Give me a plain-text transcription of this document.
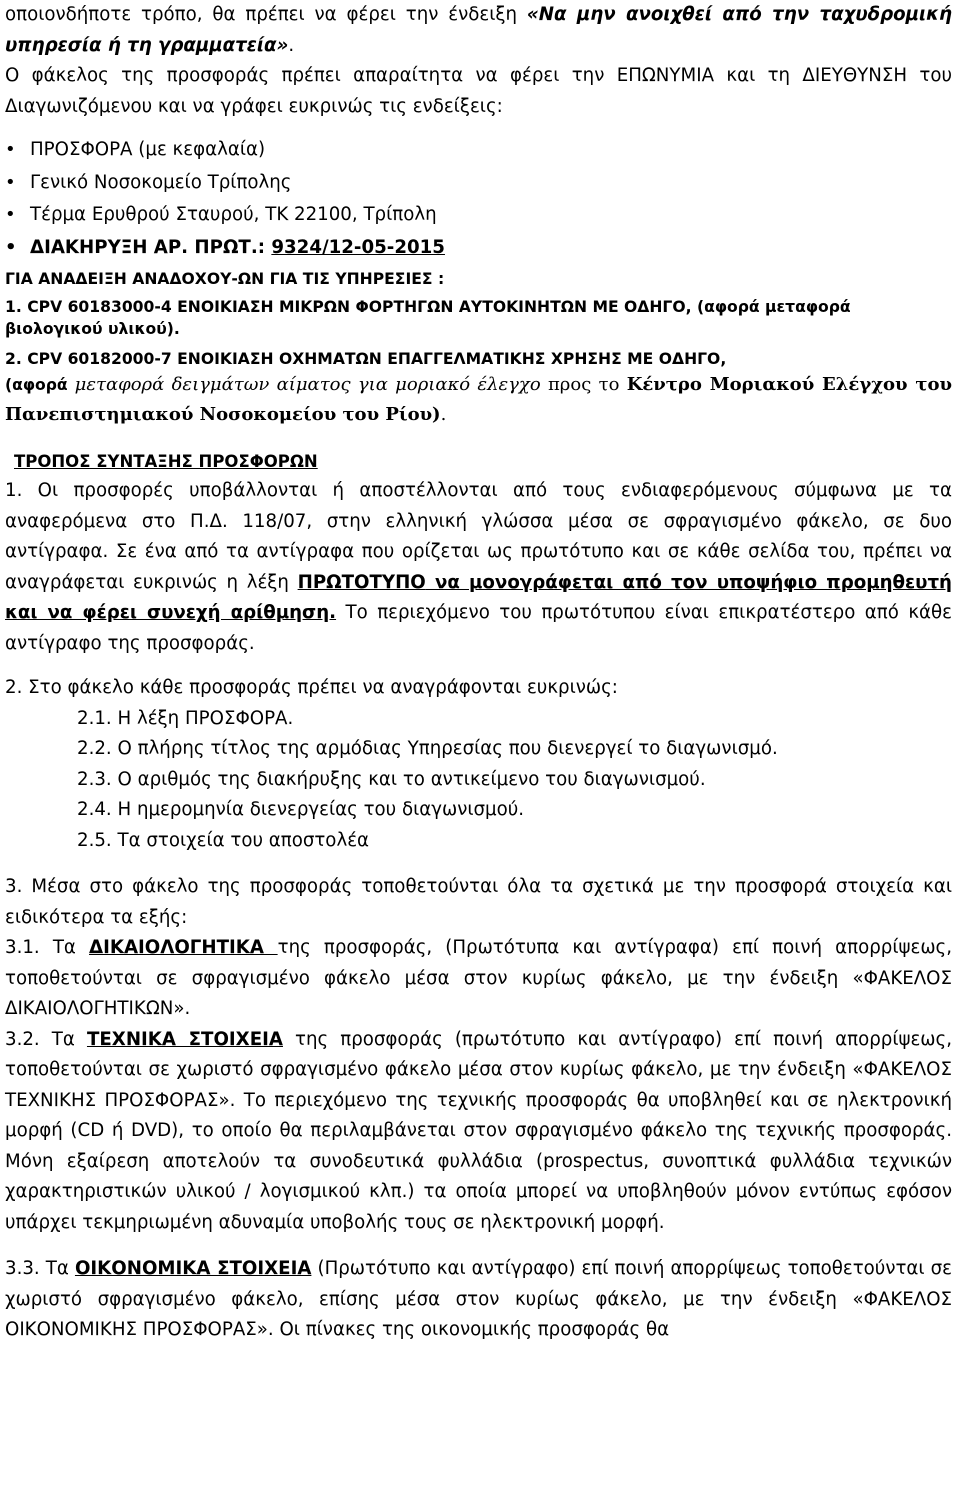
οποιονδήποτε τρόπο, θα πρέπει να φέρει την ένδειξη «Να μην ανοιχθεί από την ταχυδρομική υπηρεσία ή τη γραμματεία».

Ο φάκελος της προσφοράς πρέπει απαραίτητα να φέρει την ΕΠΩΝΥΜΙΑ και τη ΔΙΕΥΘΥΝΣΗ του Διαγωνιζόμενου και να γράφει ευκρινώς τις ενδείξεις:

• ΠΡΟΣΦΟΡΑ (με κεφαλαία)
• Γενικό Νοσοκομείο Τρίπολης
• Τέρμα Ερυθρού Σταυρού, ΤΚ 22100, Τρίπολη
• ΔΙΑΚΗΡΥΞΗ ΑΡ. ΠΡΩΤ.: 9324/12-05-2015

ΓΙΑ ΑΝΑΔΕΙΞΗ ΑΝΑΔΟΧΟΥ-ΩΝ ΓΙΑ ΤΙΣ ΥΠΗΡΕΣΙΕΣ :

1. CPV 60183000-4 ΕΝΟΙΚΙΑΣΗ ΜΙΚΡΩΝ ΦΟΡΤΗΓΩΝ ΑΥΤΟΚΙΝΗΤΩΝ ΜΕ ΟΔΗΓΟ, (αφορά μεταφορά βιολογικού υλικού).

2. CPV 60182000-7 ΕΝΟΙΚΙΑΣΗ ΟΧΗΜΑΤΩΝ ΕΠΑΓΓΕΛΜΑΤΙΚΗΣ ΧΡΗΣΗΣ ΜΕ ΟΔΗΓΟ,

(αφορά μεταφορά δειγμάτων αίματος για μοριακό έλεγχο προς το Κέντρο Μοριακού Ελέγχου του Πανεπιστημιακού Νοσοκομείου του Ρίου).

ΤΡΟΠΟΣ ΣΥΝΤΑΞΗΣ ΠΡΟΣΦΟΡΩΝ

1. Οι προσφορές υποβάλλονται ή αποστέλλονται από τους ενδιαφερόμενους σύμφωνα με τα αναφερόμενα στο Π.Δ. 118/07, στην ελληνική γλώσσα μέσα σε σφραγισμένο φάκελο, σε δυο αντίγραφα. Σε ένα από τα αντίγραφα που ορίζεται ως πρωτότυπο και σε κάθε σελίδα του, πρέπει να αναγράφεται ευκρινώς η λέξη ΠΡΩΤΟΤΥΠΟ να μονογράφεται από τον υποψήφιο προμηθευτή και να φέρει συνεχή αρίθμηση. Το περιεχόμενο του πρωτότυπου είναι επικρατέστερο από κάθε αντίγραφο της προσφοράς.

2. Στο φάκελο κάθε προσφοράς πρέπει να αναγράφονται ευκρινώς:

2.1. Η λέξη ΠΡΟΣΦΟΡΑ.

2.2. Ο πλήρης τίτλος της αρμόδιας Υπηρεσίας που διενεργεί το διαγωνισμό.

2.3. Ο αριθμός της διακήρυξης και το αντικείμενο του διαγωνισμού.

2.4. Η ημερομηνία διενεργείας του διαγωνισμού.

2.5. Τα στοιχεία του αποστολέα

3. Μέσα στο φάκελο της προσφοράς τοποθετούνται όλα τα σχετικά με την προσφορά στοιχεία και ειδικότερα τα εξής:

3.1. Τα ΔΙΚΑΙΟΛΟΓΗΤΙΚΑ της προσφοράς, (Πρωτότυπα και αντίγραφα) επί ποινή απορρίψεως, τοποθετούνται σε σφραγισμένο φάκελο μέσα στον κυρίως φάκελο, με την ένδειξη «ΦΑΚΕΛΟΣ ΔΙΚΑΙΟΛΟΓΗΤΙΚΩΝ».

3.2. Τα ΤΕΧΝΙΚΑ ΣΤΟΙΧΕΙΑ της προσφοράς (πρωτότυπο και αντίγραφο) επί ποινή απορρίψεως, τοποθετούνται σε χωριστό σφραγισμένο φάκελο μέσα στον κυρίως φάκελο, με την ένδειξη «ΦΑΚΕΛΟΣ ΤΕΧΝΙΚΗΣ ΠΡΟΣΦΟΡΑΣ». Το περιεχόμενο της τεχνικής προσφοράς θα υποβληθεί και σε ηλεκτρονική μορφή (CD ή DVD), το οποίο θα περιλαμβάνεται στον σφραγισμένο φάκελο της τεχνικής προσφοράς. Μόνη εξαίρεση αποτελούν τα συνοδευτικά φυλλάδια (prospectus, συνοπτικά φυλλάδια τεχνικών χαρακτηριστικών υλικού / λογισμικού κλπ.) τα οποία μπορεί να υποβληθούν μόνον εντύπως εφόσον υπάρχει τεκμηριωμένη αδυναμία υποβολής τους σε ηλεκτρονική μορφή.

3.3. Τα ΟΙΚΟΝΟΜΙΚΑ ΣΤΟΙΧΕΙΑ (Πρωτότυπο και αντίγραφο) επί ποινή απορρίψεως τοποθετούνται σε χωριστό σφραγισμένο φάκελο, επίσης μέσα στον κυρίως φάκελο, με την ένδειξη «ΦΑΚΕΛΟΣ ΟΙΚΟΝΟΜΙΚΗΣ ΠΡΟΣΦΟΡΑΣ». Οι πίνακες της οικονομικής προσφοράς θα
